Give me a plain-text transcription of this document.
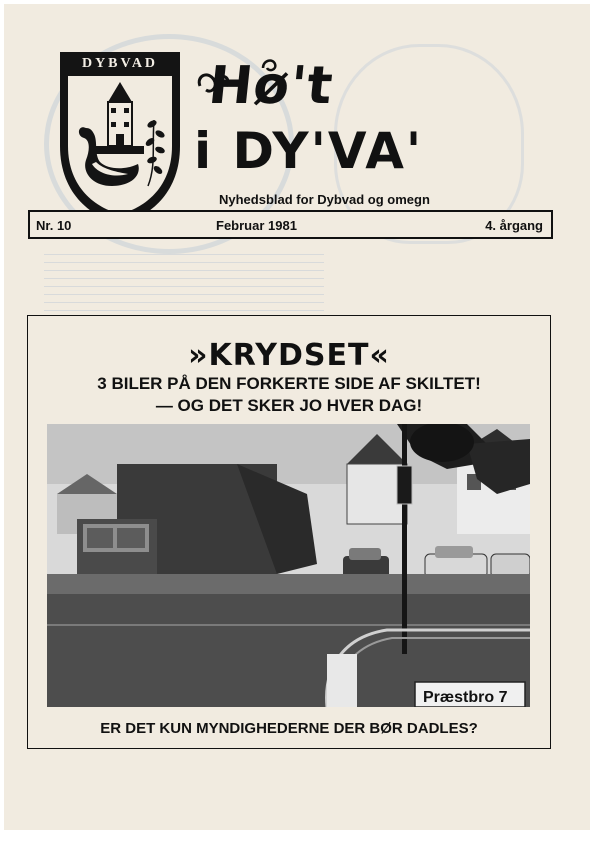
DYBVAD Hø't
i DY'VA'
Nyhedsblad for Dybvad og omegn
Nr. 10	Februar 1981	4. årgang
»KRYDSET«
3 BILER PÅ DEN FORKERTE SIDE AF SKILTET!
— OG DET SKER JO HVER DAG!
Præstbro 7
ER DET KUN MYNDIGHEDERNE DER BØR DADLES?
